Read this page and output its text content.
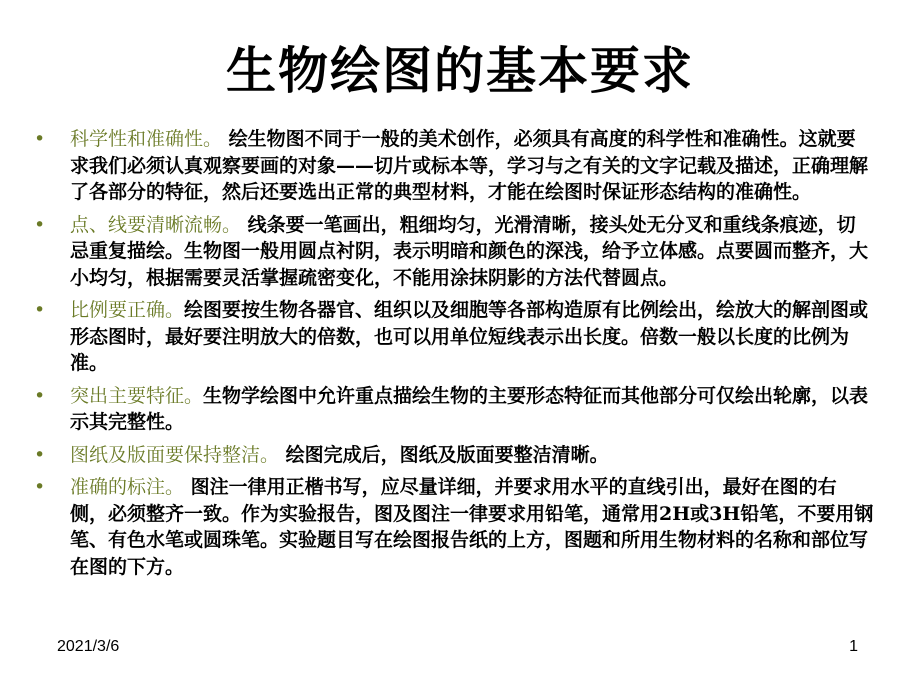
生物绘图的基本要求
• 科学性和准确性。 绘生物图不同于一般的美术创作，必须具有高度的科学性和准确性。这就要求我们必须认真观察要画的对象——切片或标本等，学习与之有关的文字记载及描述，正确理解了各部分的特征，然后还要选出正常的典型材料，才能在绘图时保证形态结构的准确性。
• 点、线要清晰流畅。 线条要一笔画出，粗细均匀，光滑清晰，接头处无分叉和重线条痕迹，切忌重复描绘。生物图一般用圆点衬阴，表示明暗和颜色的深浅，给予立体感。点要圆而整齐，大小均匀，根据需要灵活掌握疏密变化，不能用涂抹阴影的方法代替圆点。
• 比例要正确。绘图要按生物各器官、组织以及细胞等各部构造原有比例绘出，绘放大的解剖图或形态图时，最好要注明放大的倍数，也可以用单位短线表示出长度。倍数一般以长度的比例为准。
• 突出主要特征。生物学绘图中允许重点描绘生物的主要形态特征而其他部分可仅绘出轮廓，以表示其完整性。
• 图纸及版面要保持整洁。 绘图完成后，图纸及版面要整洁清晰。
• 准确的标注。 图注一律用正楷书写，应尽量详细，并要求用水平的直线引出，最好在图的右侧，必须整齐一致。作为实验报告，图及图注一律要求用铅笔，通常用2H或3H铅笔，不要用钢笔、有色水笔或圆珠笔。实验题目写在绘图报告纸的上方，图题和所用生物材料的名称和部位写在图的下方。
2021/3/6	1
